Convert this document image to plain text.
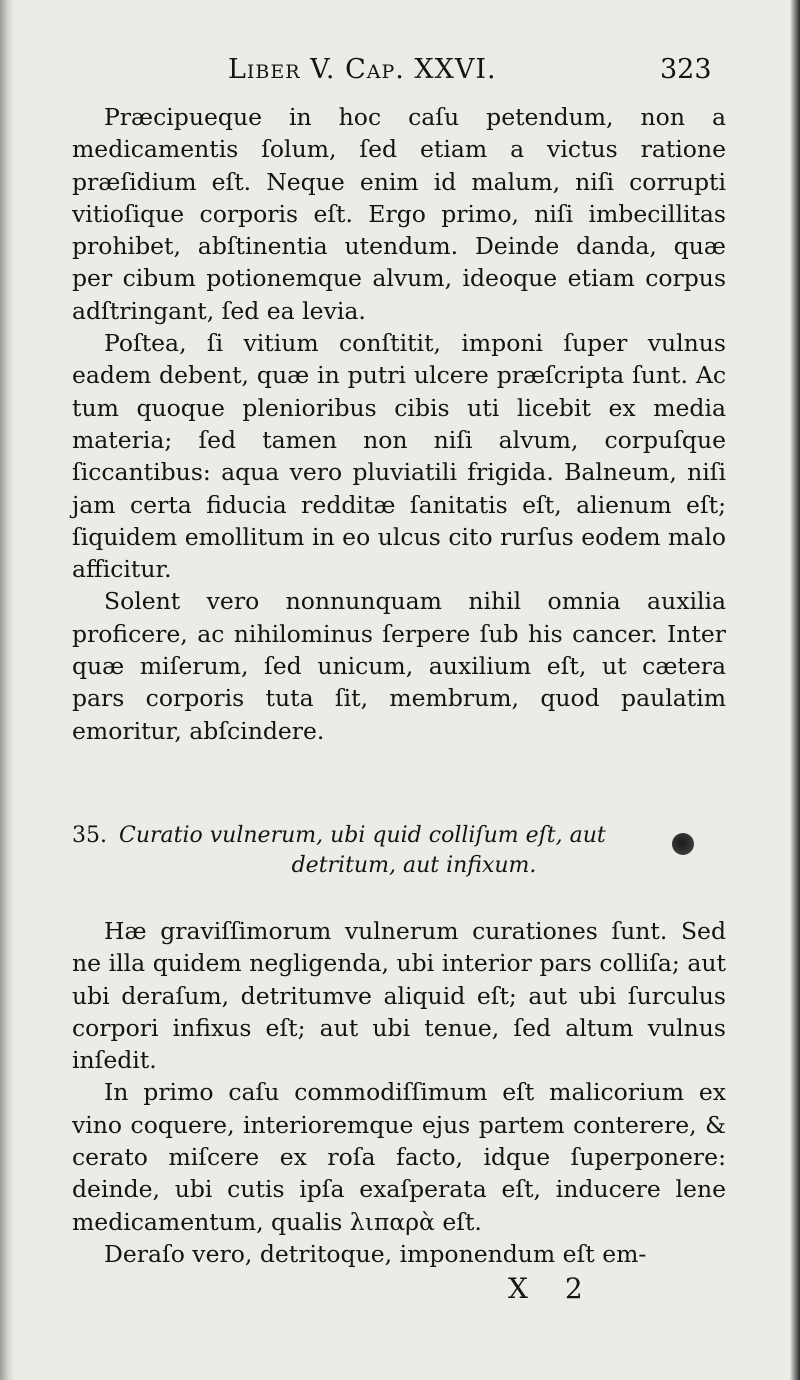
Liber V. Cap. XXVI.	323

Præcipueque in hoc caſu petendum, non a medicamentis ſolum, ſed etiam a victus ratione præſidium eſt. Neque enim id malum, niſi corrupti vitioſique corporis eſt. Ergo primo, niſi imbecillitas prohibet, abſtinentia utendum. Deinde danda, quæ per cibum potionemque alvum, ideoque etiam corpus adſtringant, ſed ea levia.

Poſtea, ſi vitium conſtitit, imponi ſuper vulnus eadem debent, quæ in putri ulcere præſcripta ſunt. Ac tum quoque plenioribus cibis uti licebit ex media materia; ſed tamen non niſi alvum, corpuſque ſiccantibus: aqua vero pluviatili frigida. Balneum, niſi jam certa fiducia redditæ ſanitatis eſt, alienum eſt; ſiquidem emollitum in eo ulcus cito rurſus eodem malo afficitur.

Solent vero nonnunquam nihil omnia auxilia proficere, ac nihilominus ſerpere ſub his cancer. Inter quæ miſerum, ſed unicum, auxilium eſt, ut cætera pars corporis tuta ſit, membrum, quod paulatim emoritur, abſcindere.

35. Curatio vulnerum, ubi quid colliſum eſt, aut
detritum, aut infixum.

Hæ graviſſimorum vulnerum curationes ſunt. Sed ne illa quidem negligenda, ubi interior pars colliſa; aut ubi deraſum, detritumve aliquid eſt; aut ubi ſurculus corpori infixus eſt; aut ubi tenue, ſed altum vulnus inſedit.

In primo caſu commodiſſimum eſt malicorium ex vino coquere, interioremque ejus partem conterere, & cerato miſcere ex roſa facto, idque ſuperponere: deinde, ubi cutis ipſa exaſperata eſt, inducere lene medicamentum, qualis λιπαρὰ eſt.

Deraſo vero, detritoque, imponendum eſt em-

X 2
